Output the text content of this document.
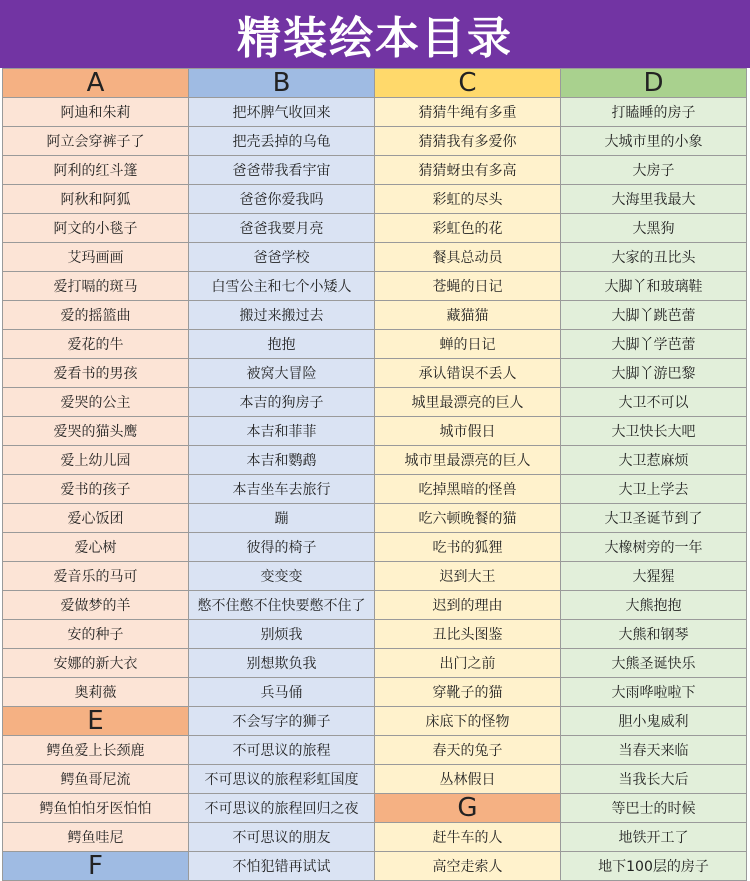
精装绘本目录
A
阿迪和朱莉
阿立会穿裤子了
阿利的红斗篷
阿秋和阿狐
阿文的小毯子
艾玛画画
爱打嗝的斑马
爱的摇篮曲
爱花的牛
爱看书的男孩
爱哭的公主
爱哭的猫头鹰
爱上幼儿园
爱书的孩子
爱心饭团
爱心树
爱音乐的马可
爱做梦的羊
安的种子
安娜的新大衣
奥莉薇
E
鳄鱼爱上长颈鹿
鳄鱼哥尼流
鳄鱼怕怕牙医怕怕
鳄鱼哇尼
F
B
把坏脾气收回来
把壳丢掉的乌龟
爸爸带我看宇宙
爸爸你爱我吗
爸爸我要月亮
爸爸学校
白雪公主和七个小矮人
搬过来搬过去
抱抱
被窝大冒险
本吉的狗房子
本吉和菲菲
本吉和鹦鹉
本吉坐车去旅行
蹦
彼得的椅子
变变变
憋不住憋不住快要憋不住了
别烦我
别想欺负我
兵马俑
不会写字的狮子
不可思议的旅程
不可思议的旅程彩虹国度
不可思议的旅程回归之夜
不可思议的朋友
不怕犯错再试试
C
猜猜牛绳有多重
猜猜我有多爱你
猜猜蚜虫有多高
彩虹的尽头
彩虹色的花
餐具总动员
苍蝇的日记
藏猫猫
蝉的日记
承认错误不丢人
城里最漂亮的巨人
城市假日
城市里最漂亮的巨人
吃掉黑暗的怪兽
吃六顿晚餐的猫
吃书的狐狸
迟到大王
迟到的理由
丑比头图鉴
出门之前
穿靴子的猫
床底下的怪物
春天的兔子
丛林假日
G
赶牛车的人
高空走索人
D
打瞌睡的房子
大城市里的小象
大房子
大海里我最大
大黑狗
大家的丑比头
大脚丫和玻璃鞋
大脚丫跳芭蕾
大脚丫学芭蕾
大脚丫游巴黎
大卫不可以
大卫快长大吧
大卫惹麻烦
大卫上学去
大卫圣诞节到了
大橡树旁的一年
大猩猩
大熊抱抱
大熊和钢琴
大熊圣诞快乐
大雨哗啦啦下
胆小鬼威利
当春天来临
当我长大后
等巴士的时候
地铁开工了
地下100层的房子
